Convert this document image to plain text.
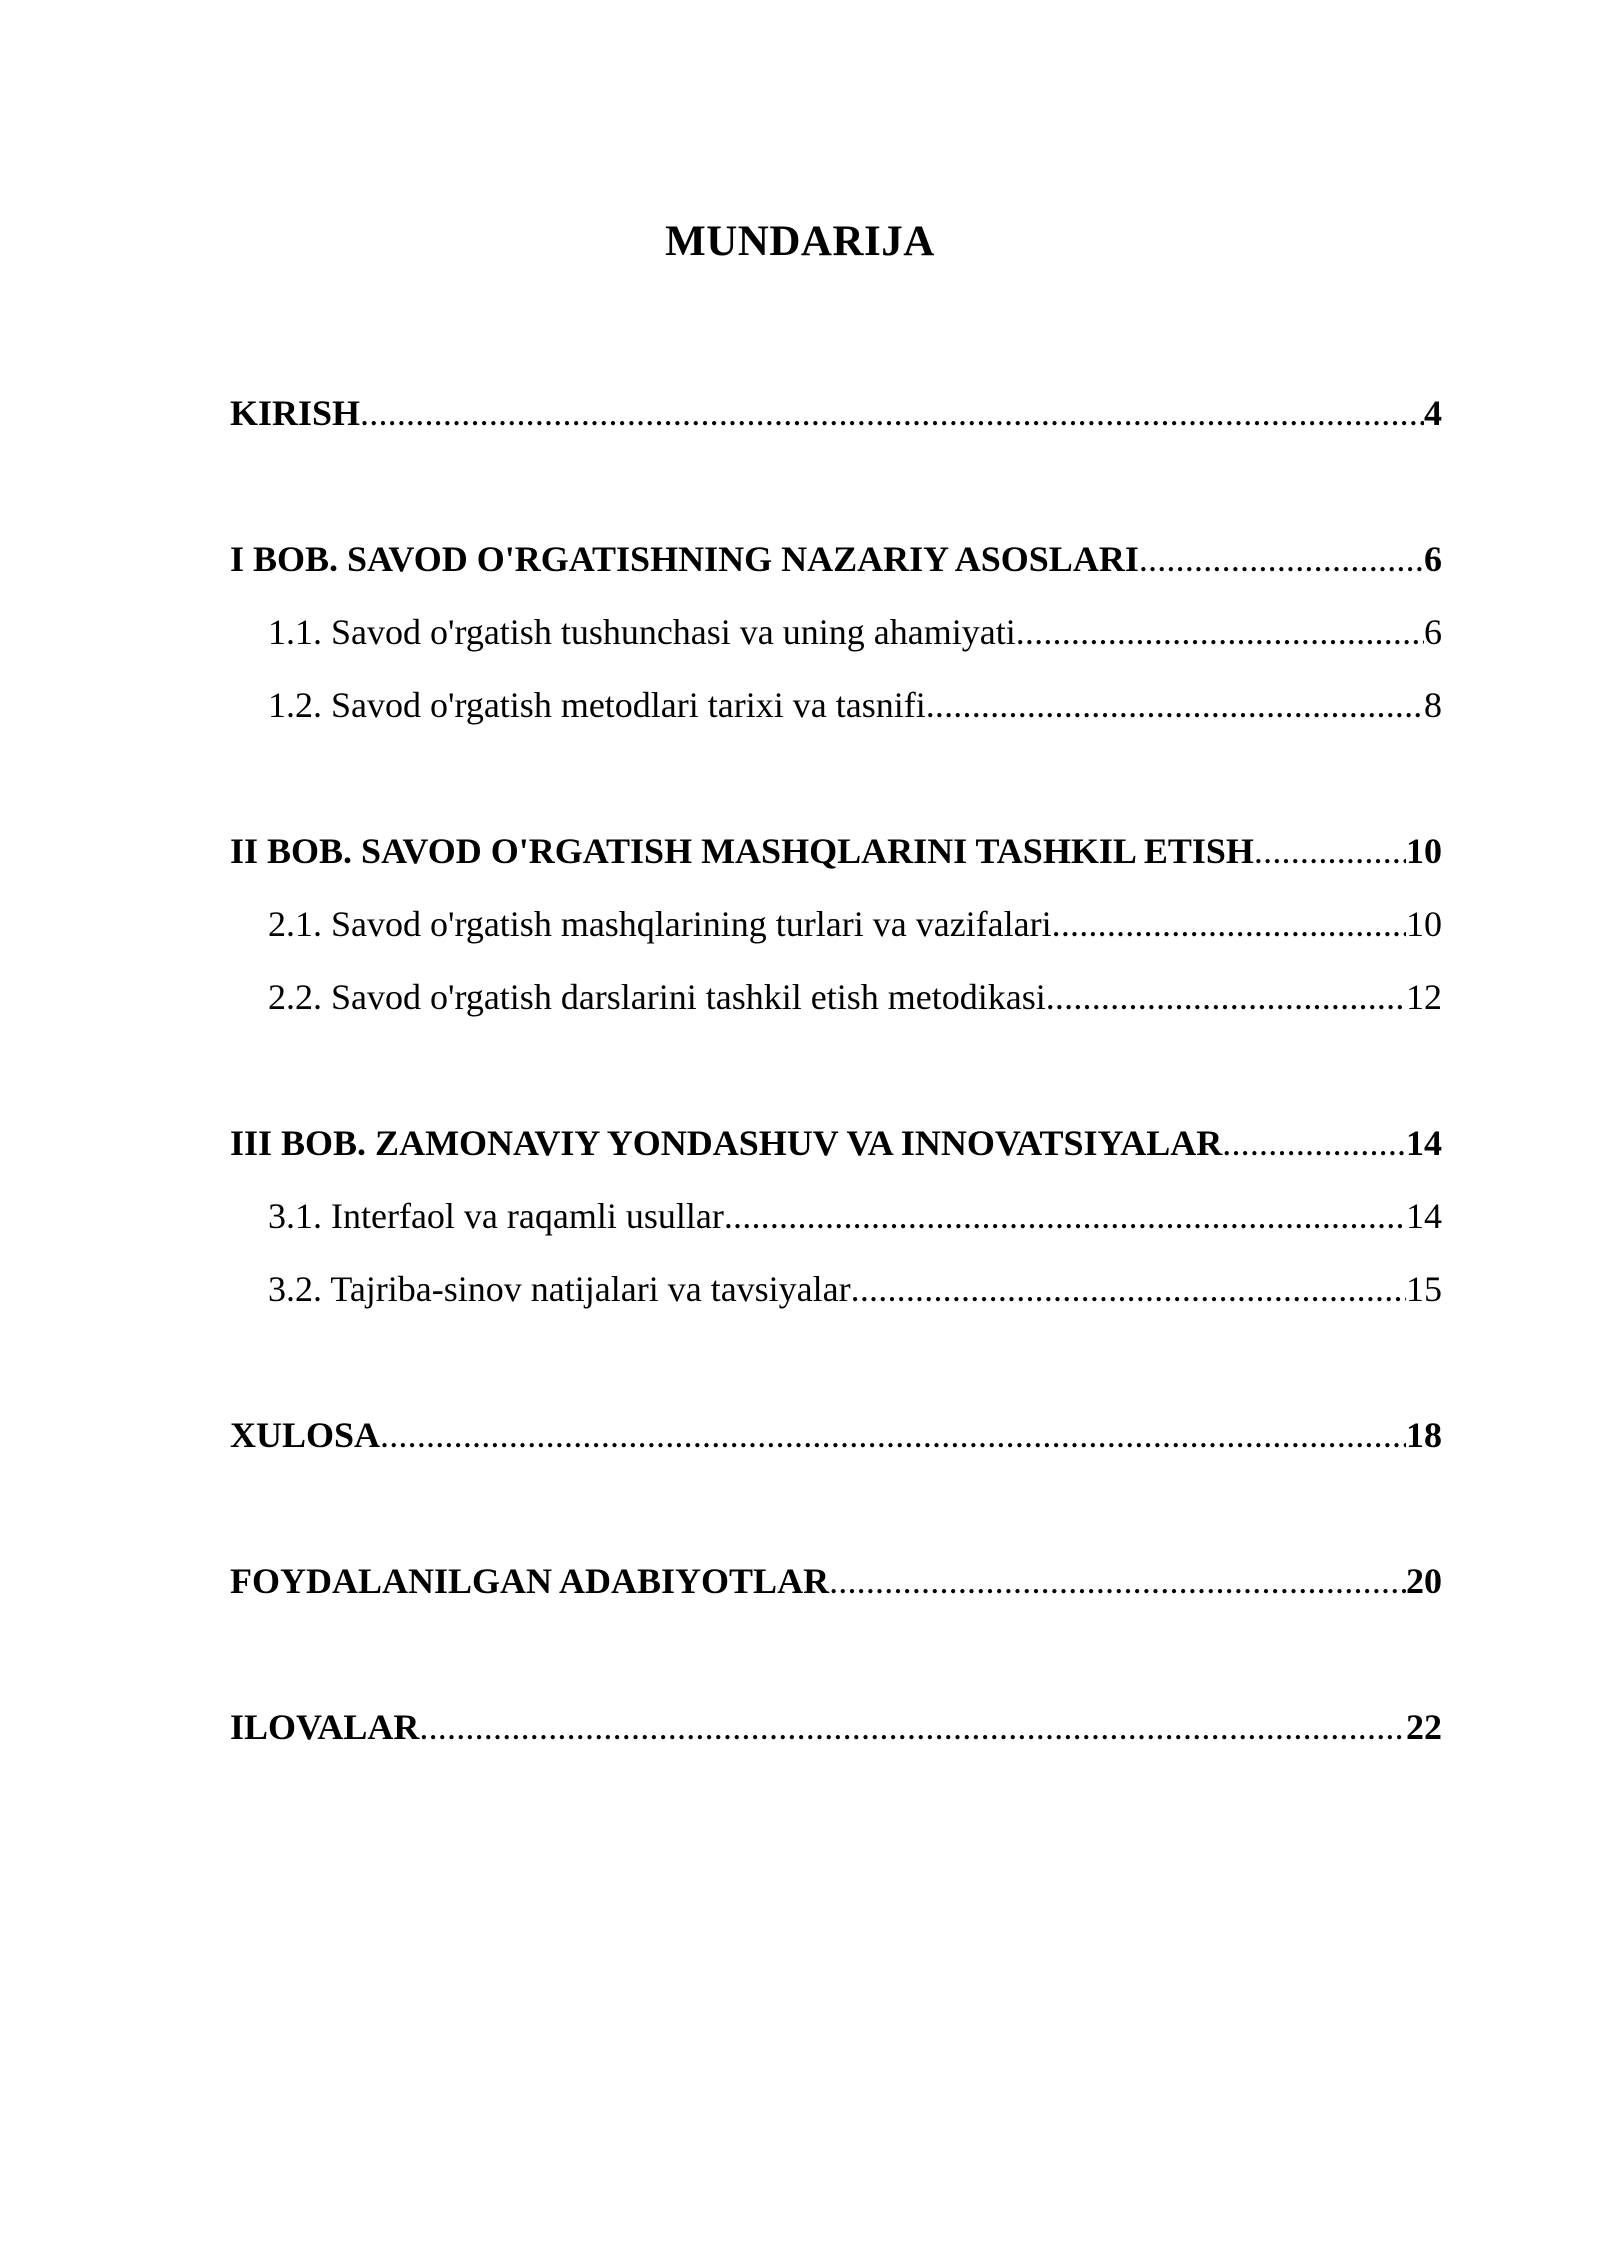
MUNDARIJA
KIRISH .....	4
I BOB. SAVOD O'RGATISHNING NAZARIY ASOSLARI .....	6
1.1. Savod o'rgatish tushunchasi va uning ahamiyati .....	6
1.2. Savod o'rgatish metodlari tarixi va tasnifi .....	8
II BOB. SAVOD O'RGATISH MASHQLARINI TASHKIL ETISH .....	10
2.1. Savod o'rgatish mashqlarining turlari va vazifalari .....	10
2.2. Savod o'rgatish darslarini tashkil etish metodikasi .....	12
III BOB. ZAMONAVIY YONDASHUV VA INNOVATSIYALAR .....	14
3.1. Interfaol va raqamli usullar .....	14
3.2. Tajriba-sinov natijalari va tavsiyalar .....	15
XULOSA .....	18
FOYDALANILGAN ADABIYOTLAR .....	20
ILOVALAR .....	22
